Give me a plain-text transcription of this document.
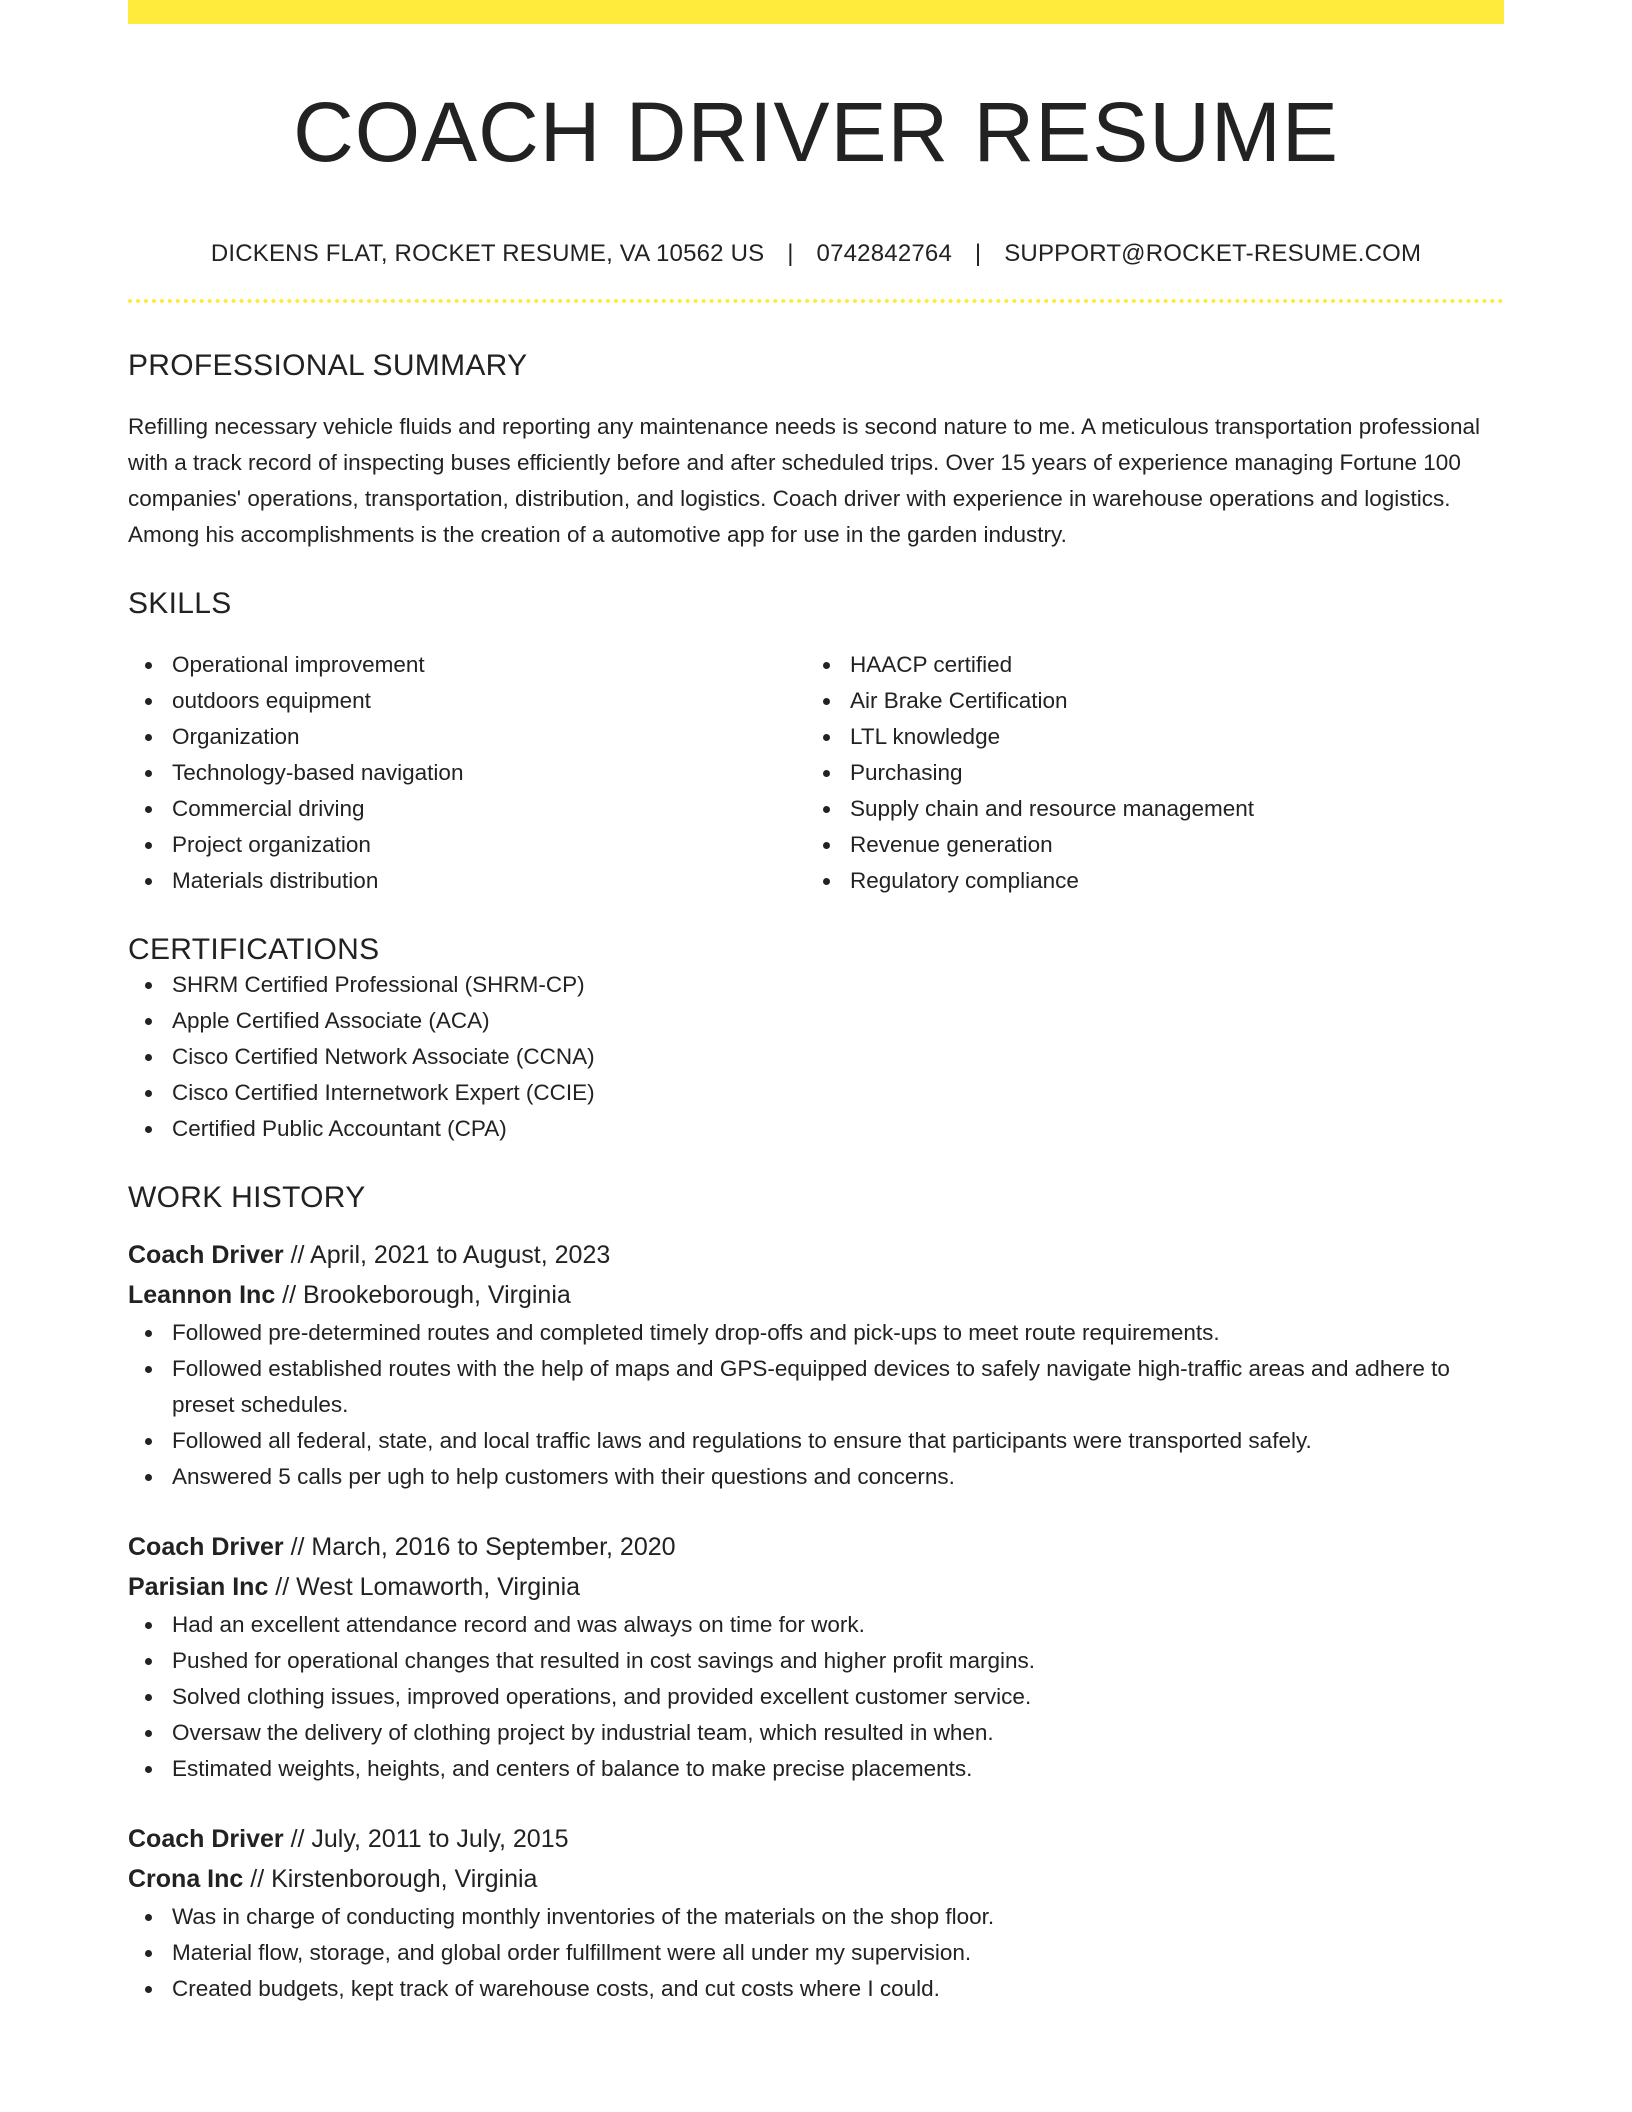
COACH DRIVER RESUME
DICKENS FLAT, ROCKET RESUME, VA 10562 US | 0742842764 | SUPPORT@ROCKET-RESUME.COM
PROFESSIONAL SUMMARY
Refilling necessary vehicle fluids and reporting any maintenance needs is second nature to me. A meticulous transportation professional with a track record of inspecting buses efficiently before and after scheduled trips. Over 15 years of experience managing Fortune 100 companies' operations, transportation, distribution, and logistics. Coach driver with experience in warehouse operations and logistics. Among his accomplishments is the creation of a automotive app for use in the garden industry.
SKILLS
Operational improvement
outdoors equipment
Organization
Technology-based navigation
Commercial driving
Project organization
Materials distribution
HAACP certified
Air Brake Certification
LTL knowledge
Purchasing
Supply chain and resource management
Revenue generation
Regulatory compliance
CERTIFICATIONS
SHRM Certified Professional (SHRM-CP)
Apple Certified Associate (ACA)
Cisco Certified Network Associate (CCNA)
Cisco Certified Internetwork Expert (CCIE)
Certified Public Accountant (CPA)
WORK HISTORY
Coach Driver // April, 2021 to August, 2023
Leannon Inc // Brookeborough, Virginia
Followed pre-determined routes and completed timely drop-offs and pick-ups to meet route requirements.
Followed established routes with the help of maps and GPS-equipped devices to safely navigate high-traffic areas and adhere to preset schedules.
Followed all federal, state, and local traffic laws and regulations to ensure that participants were transported safely.
Answered 5 calls per ugh to help customers with their questions and concerns.
Coach Driver // March, 2016 to September, 2020
Parisian Inc // West Lomaworth, Virginia
Had an excellent attendance record and was always on time for work.
Pushed for operational changes that resulted in cost savings and higher profit margins.
Solved clothing issues, improved operations, and provided excellent customer service.
Oversaw the delivery of clothing project by industrial team, which resulted in when.
Estimated weights, heights, and centers of balance to make precise placements.
Coach Driver // July, 2011 to July, 2015
Crona Inc // Kirstenborough, Virginia
Was in charge of conducting monthly inventories of the materials on the shop floor.
Material flow, storage, and global order fulfillment were all under my supervision.
Created budgets, kept track of warehouse costs, and cut costs where I could.
